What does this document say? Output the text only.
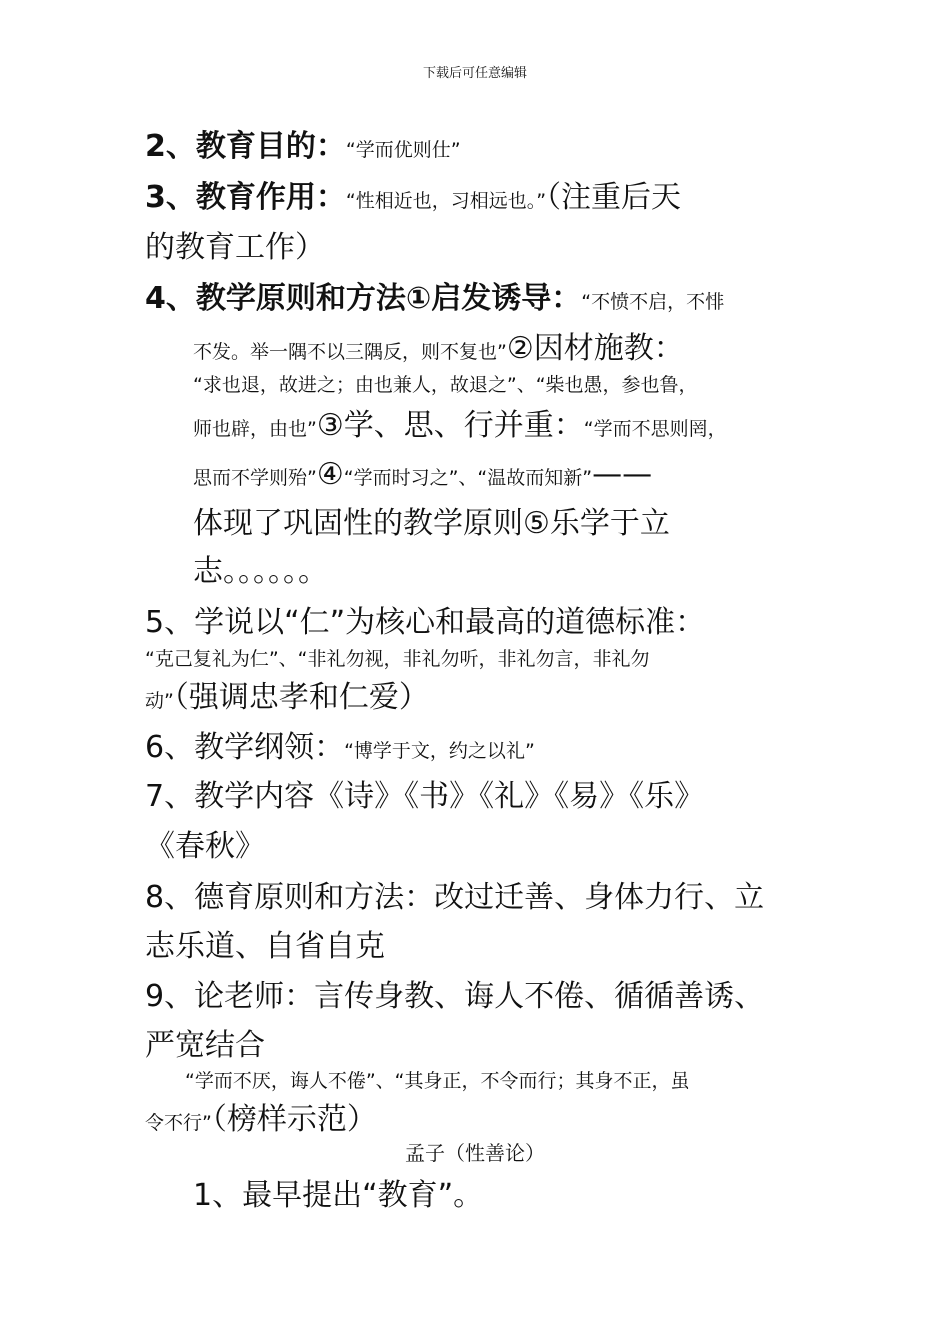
下载后可任意编辑
2、教育目的：“学而优则仕”
3、教育作用：“性相近也，习相远也。”（注重后天
的教育工作）
4、教学原则和方法①启发诱导：“不愤不启，不悱
不发。举一隅不以三隅反，则不复也”②因材施教：
“求也退，故进之；由也兼人，故退之”、“柴也愚，参也鲁，
师也辟，由也”③学、思、行并重：“学而不思则罔，
思而不学则殆”④“学而时习之”、“温故而知新”——
体现了巩固性的教学原则⑤乐学于立
志。。。。。。
5、学说以“仁”为核心和最高的道德标准：
“克己复礼为仁”、“非礼勿视，非礼勿听，非礼勿言，非礼勿
动”（强调忠孝和仁爱）
6、教学纲领：“博学于文，约之以礼”
7、教学内容《诗》《书》《礼》《易》《乐》
《春秋》
8、德育原则和方法：改过迁善、身体力行、立
志乐道、自省自克
9、论老师：言传身教、诲人不倦、循循善诱、
严宽结合
“学而不厌，诲人不倦”、“其身正，不令而行；其身不正，虽
令不行”（榜样示范）
孟子（性善论）
1、最早提出“教育”。
